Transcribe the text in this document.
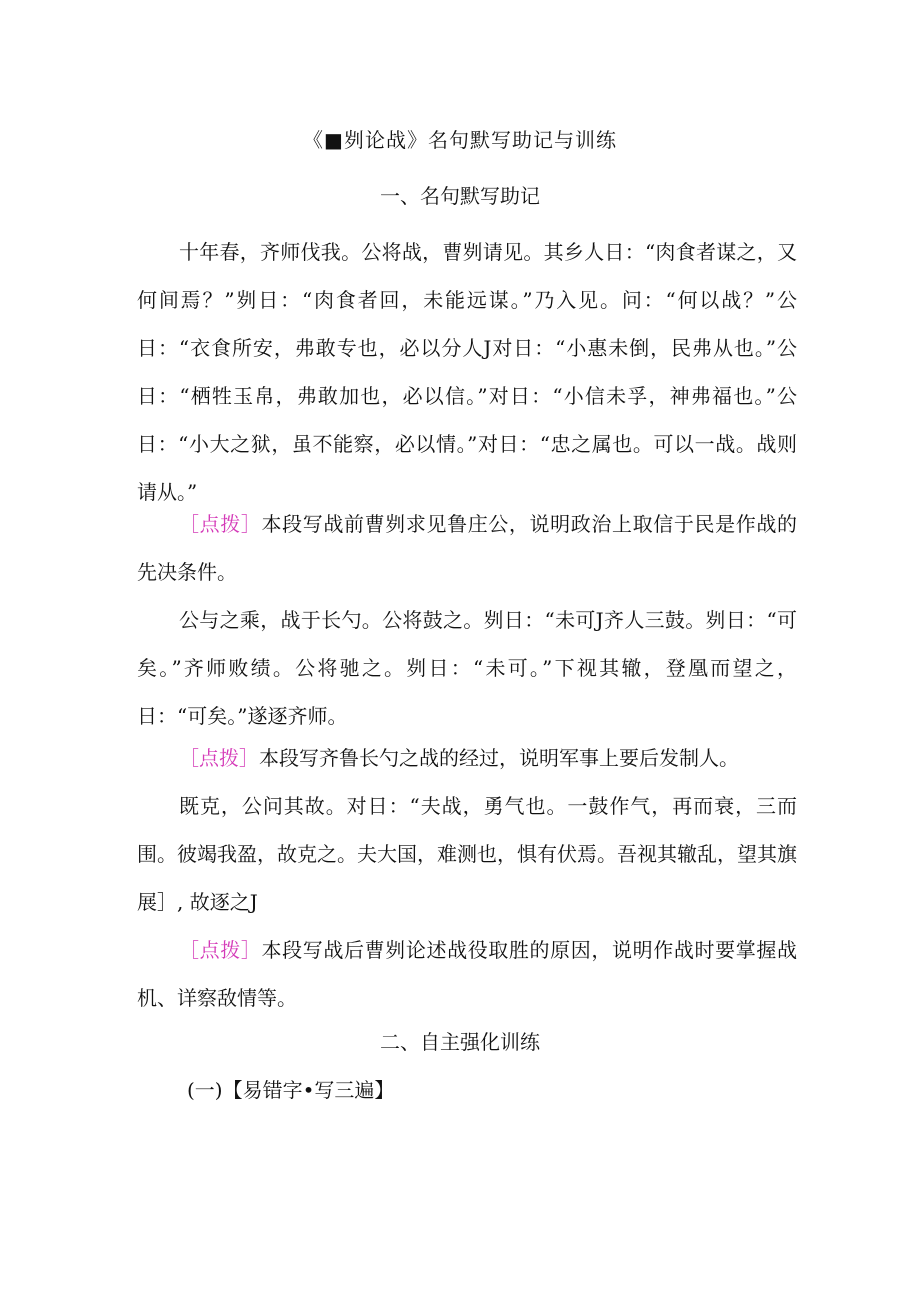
《■刿论战》名句默写助记与训练
一、名句默写助记

十年春，齐师伐我。公将战，曹刿请见。其乡人日：“肉食者谋之，又何间焉？”刿日：“肉食者回，未能远谋。”乃入见。问：“何以战？”公日：“衣食所安，弗敢专也，必以分人J对日：“小惠未倒，民弗从也。”公日：“栖牲玉帛，弗敢加也，必以信。”对日：“小信未孚，神弗福也。”公日：“小大之狱，虽不能察，必以情。”对日：“忠之属也。可以一战。战则请从。”

［点拨］本段写战前曹刿求见鲁庄公，说明政治上取信于民是作战的先决条件。

公与之乘，战于长勺。公将鼓之。刿日：“未可J齐人三鼓。刿日：“可矣。”齐师败绩。公将驰之。刿日：“未可。”下视其辙，登凰而望之，日：“可矣。”遂逐齐师。

［点拨］本段写齐鲁长勺之战的经过，说明军事上要后发制人。

既克，公问其故。对日：“夫战，勇气也。一鼓作气，再而衰，三而围。彼竭我盈，故克之。夫大国，难测也，惧有伏焉。吾视其辙乱，望其旗展］, 故逐之J

［点拨］本段写战后曹刿论述战役取胜的原因，说明作战时要掌握战机、详察敌情等。

二、自主强化训练
(一)【易错字•写三遍】
